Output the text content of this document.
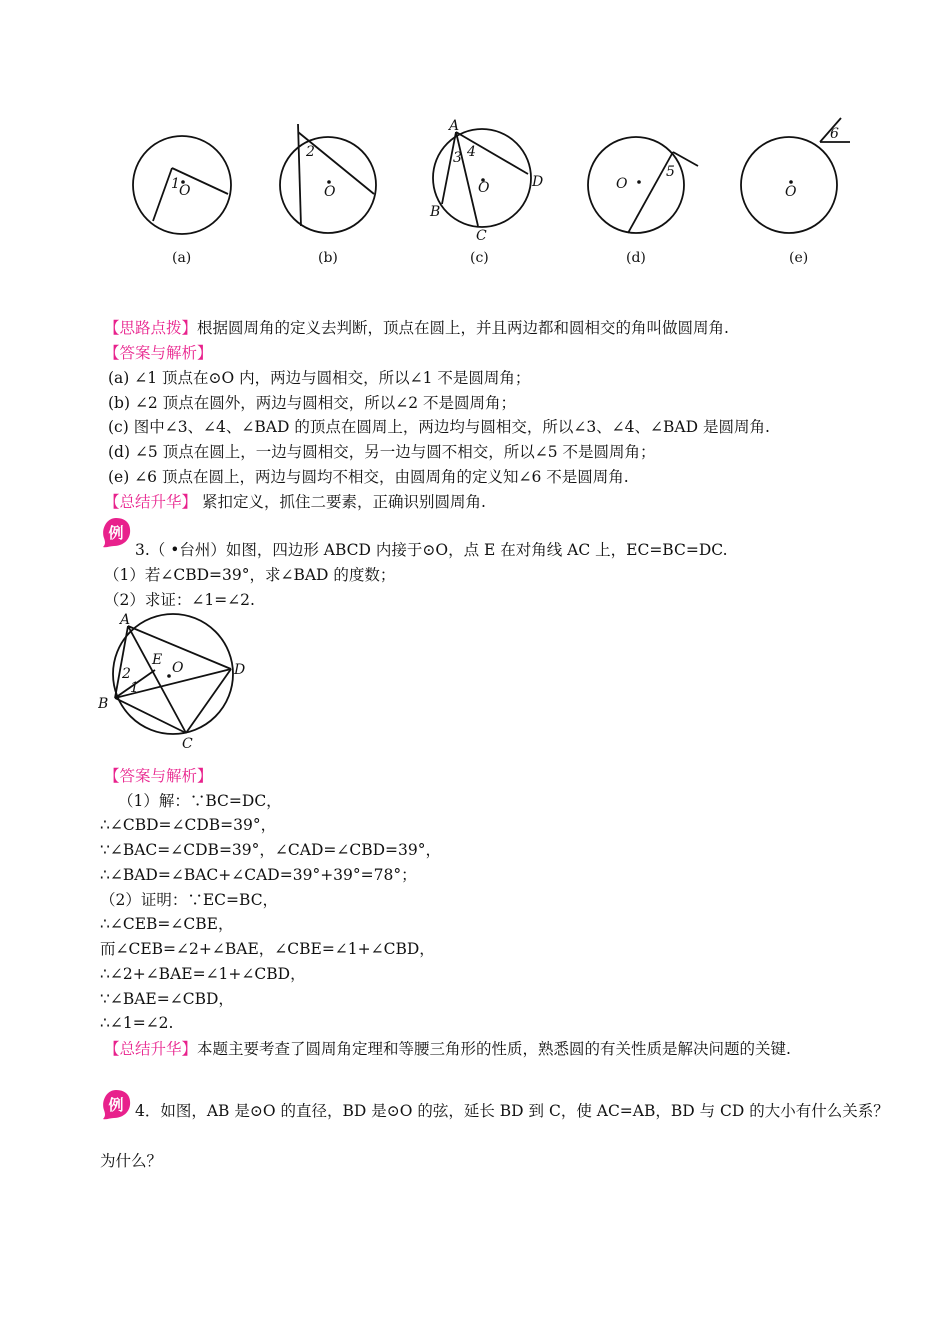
1 O
2
O
A
B
C
D
3 4
O
5
O
6
O
(a)	(b)	(c)	(d)	(e)
【思路点拨】根据圆周角的定义去判断，顶点在圆上，并且两边都和圆相交的角叫做圆周角.
【答案与解析】
(a) ∠1 顶点在⊙O 内，两边与圆相交，所以∠1 不是圆周角；
(b) ∠2 顶点在圆外，两边与圆相交，所以∠2 不是圆周角；
(c) 图中∠3、∠4、∠BAD 的顶点在圆周上，两边均与圆相交，所以∠3、∠4、∠BAD 是圆周角.
(d) ∠5 顶点在圆上，一边与圆相交，另一边与圆不相交，所以∠5 不是圆周角；
(e) ∠6 顶点在圆上，两边与圆均不相交，由圆周角的定义知∠6 不是圆周角.
【总结升华】 紧扣定义，抓住二要素，正确识别圆周角.
例
3.（ •台州）如图，四边形 ABCD 内接于⊙O，点 E 在对角线 AC 上，EC=BC=DC.
（1）若∠CBD=39°，求∠BAD 的度数；
（2）求证：∠1=∠2.
A
B
C
D
E O
2
1
【答案与解析】
（1）解：∵BC=DC，
∴∠CBD=∠CDB=39°，
∵∠BAC=∠CDB=39°，∠CAD=∠CBD=39°，
∴∠BAD=∠BAC+∠CAD=39°+39°=78°；
（2）证明：∵EC=BC，
∴∠CEB=∠CBE，
而∠CEB=∠2+∠BAE，∠CBE=∠1+∠CBD，
∴∠2+∠BAE=∠1+∠CBD，
∵∠BAE=∠CBD，
∴∠1=∠2.
【总结升华】本题主要考查了圆周角定理和等腰三角形的性质，熟悉圆的有关性质是解决问题的关键.
例 4．如图，AB 是⊙O 的直径，BD 是⊙O 的弦，延长 BD 到 C，使 AC=AB，BD 与 CD 的大小有什么关系？
为什么？
